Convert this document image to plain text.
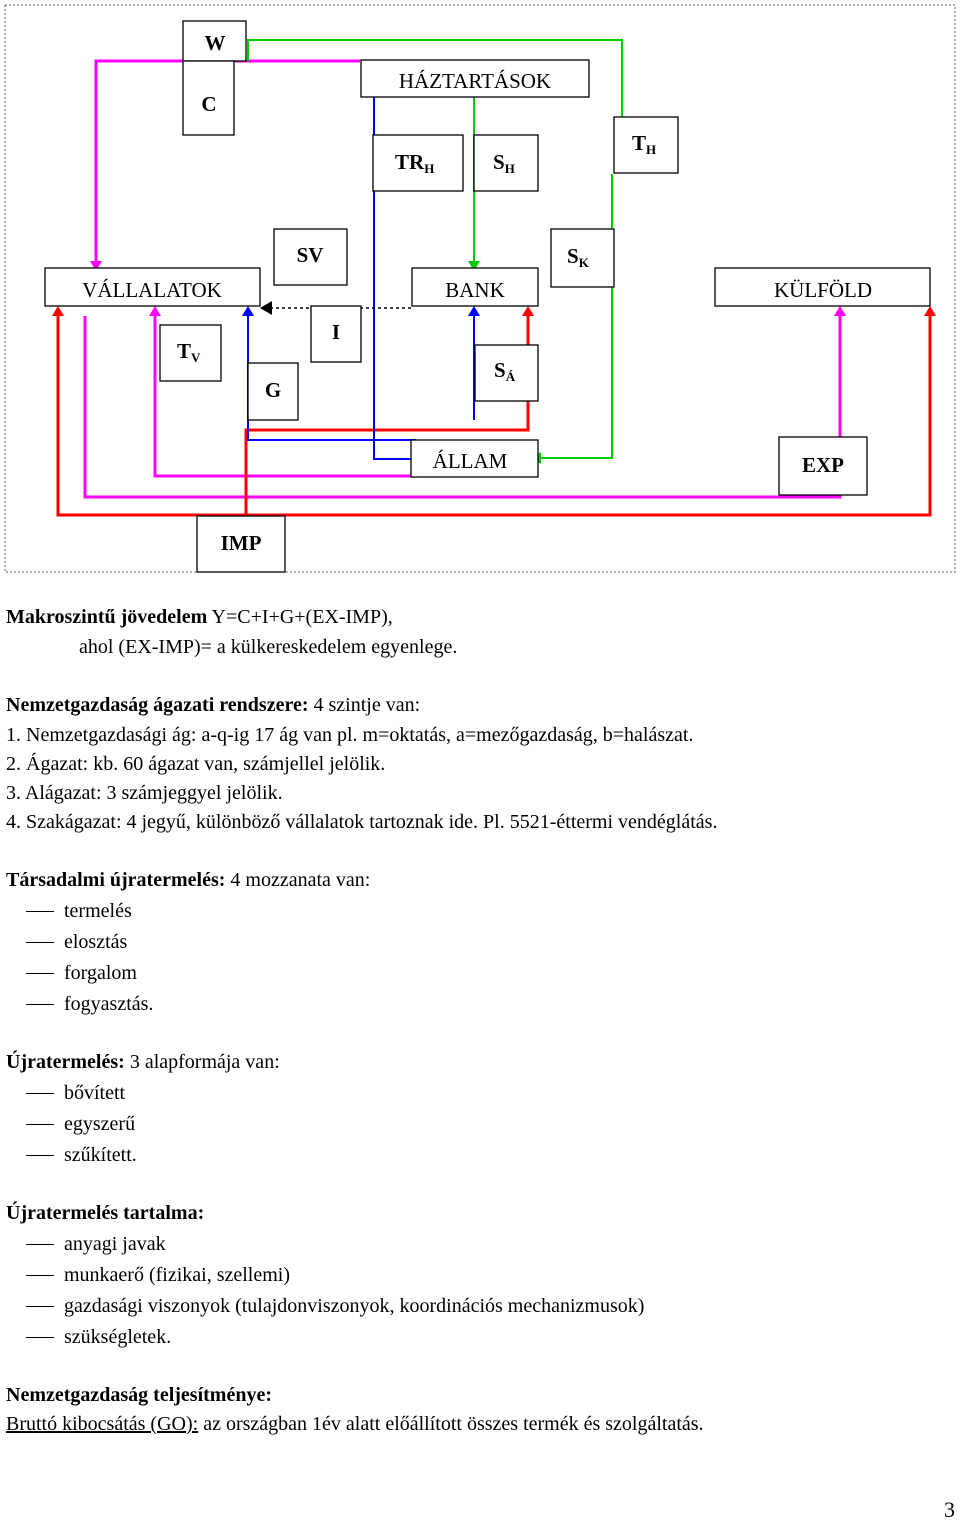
W
C
HÁZTARTÁSOK
$TR_H$	$S_H$
$T_H$
SV	$S_K$
VÁLLALATOK	BANK	KÜLFÖLD
$T_V$
I
G
$S_Á$
ÁLLAM	EXP
IMP
Makroszintű jövedelem Y=C+I+G+(EX-IMP),
ahol (EX-IMP)= a külkereskedelem egyenlege.
Nemzetgazdaság ágazati rendszere: 4 szintje van:
1. Nemzetgazdasági ág: a-q-ig 17 ág van pl. m=oktatás, a=mezőgazdaság, b=halászat.
2. Ágazat: kb. 60 ágazat van, számjellel jelölik.
3. Alágazat: 3 számjeggyel jelölik.
4. Szakágazat: 4 jegyű, különböző vállalatok tartoznak ide. Pl. 5521-éttermi vendéglátás.
Társadalmi újratermelés: 4 mozzanata van:
termelés
elosztás
forgalom
fogyasztás.
Újratermelés: 3 alapformája van:
bővített
egyszerű
szűkített.
Újratermelés tartalma:
anyagi javak
munkaerő (fizikai, szellemi)
gazdasági viszonyok (tulajdonviszonyok, koordinációs mechanizmusok)
szükségletek.
Nemzetgazdaság teljesítménye:
Bruttó kibocsátás (GO): az országban 1év alatt előállított összes termék és szolgáltatás.
3
